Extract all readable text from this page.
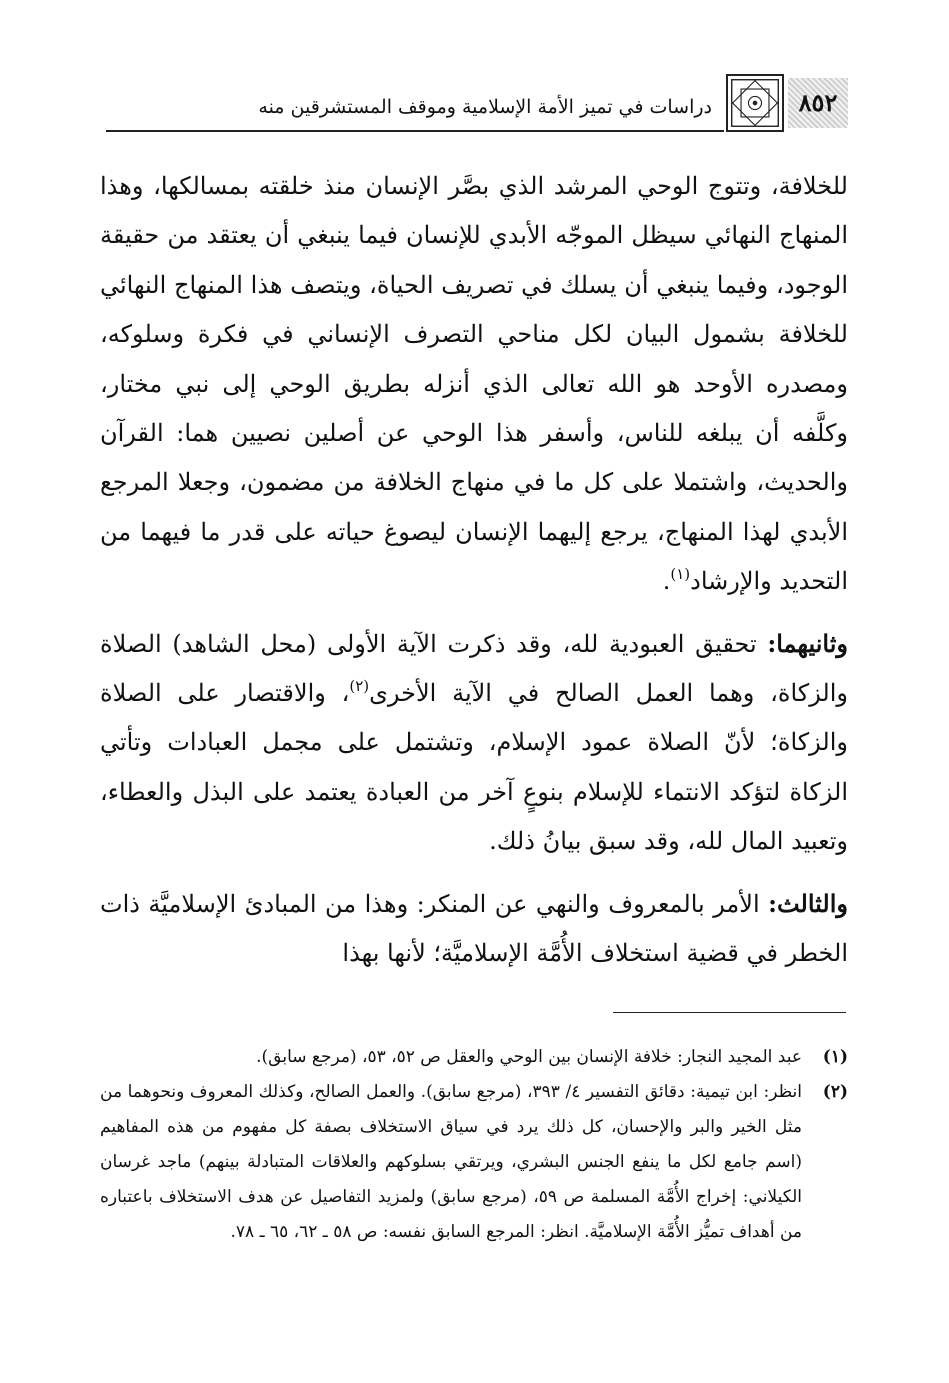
دراسات في تميز الأمة الإسلامية وموقف المستشرقين منه	٨٥٢

للخلافة، وتتوج الوحي المرشد الذي بصَّر الإنسان منذ خلقته بمسالكها، وهذا المنهاج النهائي سيظل الموجّه الأبدي للإنسان فيما ينبغي أن يعتقد من حقيقة الوجود، وفيما ينبغي أن يسلك في تصريف الحياة، ويتصف هذا المنهاج النهائي للخلافة بشمول البيان لكل مناحي التصرف الإنساني في فكرة وسلوكه، ومصدره الأوحد هو الله تعالى الذي أنزله بطريق الوحي إلى نبي مختار، وكلَّفه أن يبلغه للناس، وأسفر هذا الوحي عن أصلين نصيين هما: القرآن والحديث، واشتملا على كل ما في منهاج الخلافة من مضمون، وجعلا المرجع الأبدي لهذا المنهاج، يرجع إليهما الإنسان ليصوغ حياته على قدر ما فيهما من التحديد والإرشاد$^{(١)}$.

وثانيهما: تحقيق العبودية لله، وقد ذكرت الآية الأولى (محل الشاهد) الصلاة والزكاة، وهما العمل الصالح في الآية الأخرى$^{(٢)}$، والاقتصار على الصلاة والزكاة؛ لأنّ الصلاة عمود الإسلام، وتشتمل على مجمل العبادات وتأتي الزكاة لتؤكد الانتماء للإسلام بنوعٍ آخر من العبادة يعتمد على البذل والعطاء، وتعبيد المال لله، وقد سبق بيانُ ذلك.

والثالث: الأمر بالمعروف والنهي عن المنكر: وهذا من المبادئ الإسلاميَّة ذات الخطر في قضية استخلاف الأُمَّة الإسلاميَّة؛ لأنها بهذا

(١)
عبد المجيد النجار: خلافة الإنسان بين الوحي والعقل ص ٥٢، ٥٣، (مرجع سابق).
(٢)
انظر: ابن تيمية: دقائق التفسير ٤/ ٣٩٣، (مرجع سابق). والعمل الصالح، وكذلك المعروف ونحوهما من مثل الخير والبر والإحسان، كل ذلك يرد في سياق الاستخلاف بصفة كل مفهوم من هذه المفاهيم (اسم جامع لكل ما ينفع الجنس البشري، ويرتقي بسلوكهم والعلاقات المتبادلة بينهم) ماجد غرسان الكيلاني: إخراج الأُمَّة المسلمة ص ٥٩، (مرجع سابق) ولمزيد التفاصيل عن هدف الاستخلاف باعتباره من أهداف تميُّز الأُمَّة الإسلاميَّة. انظر: المرجع السابق نفسه: ص ٥٨ ـ ٦٢، ٦٥ ـ ٧٨.
